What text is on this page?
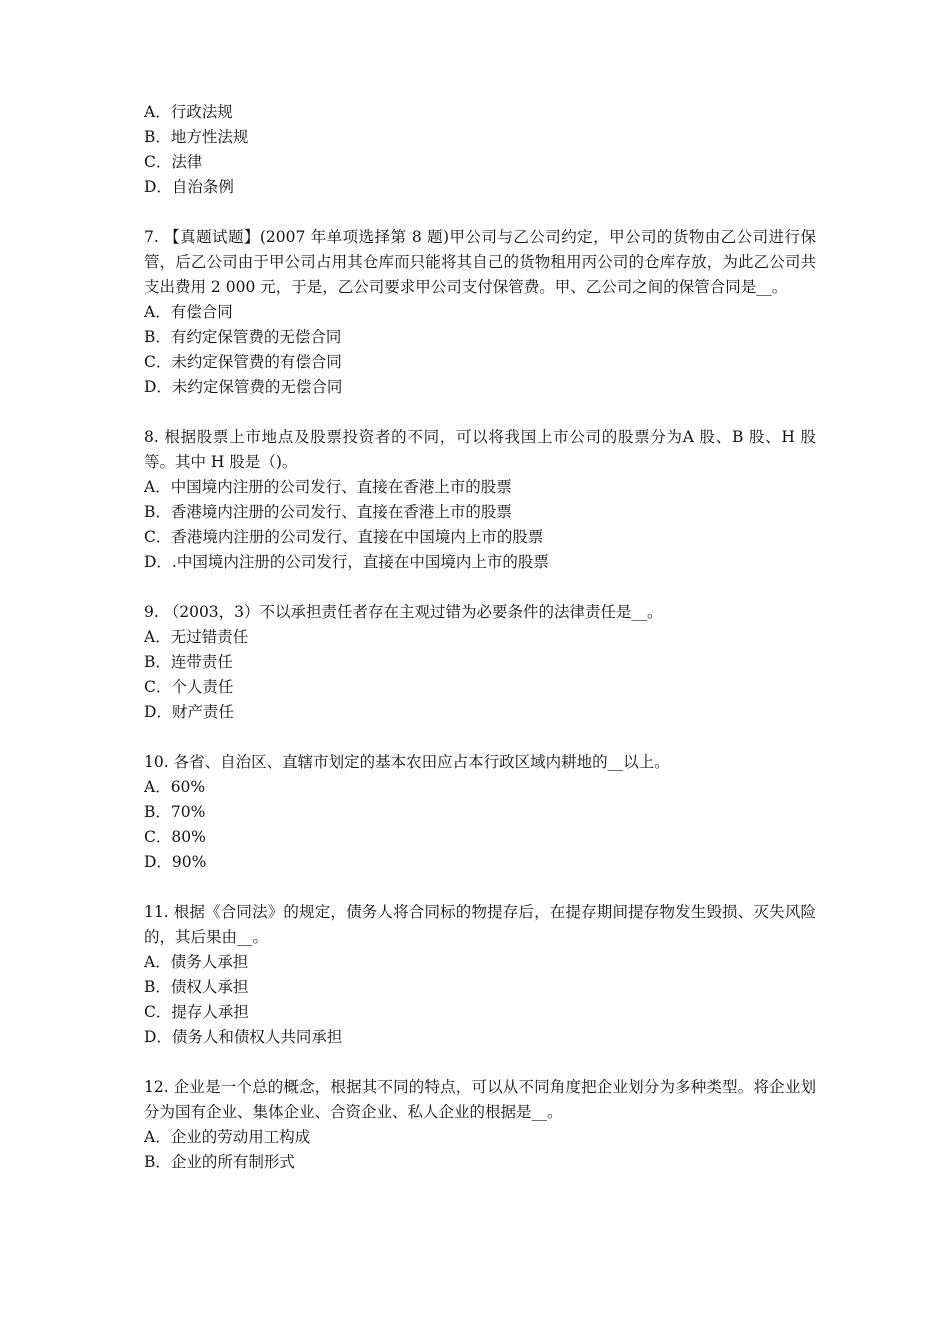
A．行政法规
B．地方性法规
C．法律
D．自治条例
7. 【真题试题】(2007 年单项选择第 8 题)甲公司与乙公司约定，甲公司的货物由乙公司进行保管，后乙公司由于甲公司占用其仓库而只能将其自己的货物租用丙公司的仓库存放，为此乙公司共支出费用 2 000 元，于是，乙公司要求甲公司支付保管费。甲、乙公司之间的保管合同是__。
A．有偿合同
B．有约定保管费的无偿合同
C．未约定保管费的有偿合同
D．未约定保管费的无偿合同
8. 根据股票上市地点及股票投资者的不同，可以将我国上市公司的股票分为A 股、B 股、H 股等。其中 H 股是（)。
A．中国境内注册的公司发行、直接在香港上市的股票
B．香港境内注册的公司发行、直接在香港上市的股票
C．香港境内注册的公司发行、直接在中国境内上市的股票
D．.中国境内注册的公司发行，直接在中国境内上市的股票
9. （2003，3）不以承担责任者存在主观过错为必要条件的法律责任是__。
A．无过错责任
B．连带责任
C．个人责任
D．财产责任
10. 各省、自治区、直辖市划定的基本农田应占本行政区域内耕地的__以上。
A．60%
B．70%
C．80%
D．90%
11. 根据《合同法》的规定，债务人将合同标的物提存后，在提存期间提存物发生毁损、灭失风险的，其后果由__。
A．债务人承担
B．债权人承担
C．提存人承担
D．债务人和债权人共同承担
12. 企业是一个总的概念，根据其不同的特点，可以从不同角度把企业划分为多种类型。将企业划分为国有企业、集体企业、合资企业、私人企业的根据是__。
A．企业的劳动用工构成
B．企业的所有制形式
